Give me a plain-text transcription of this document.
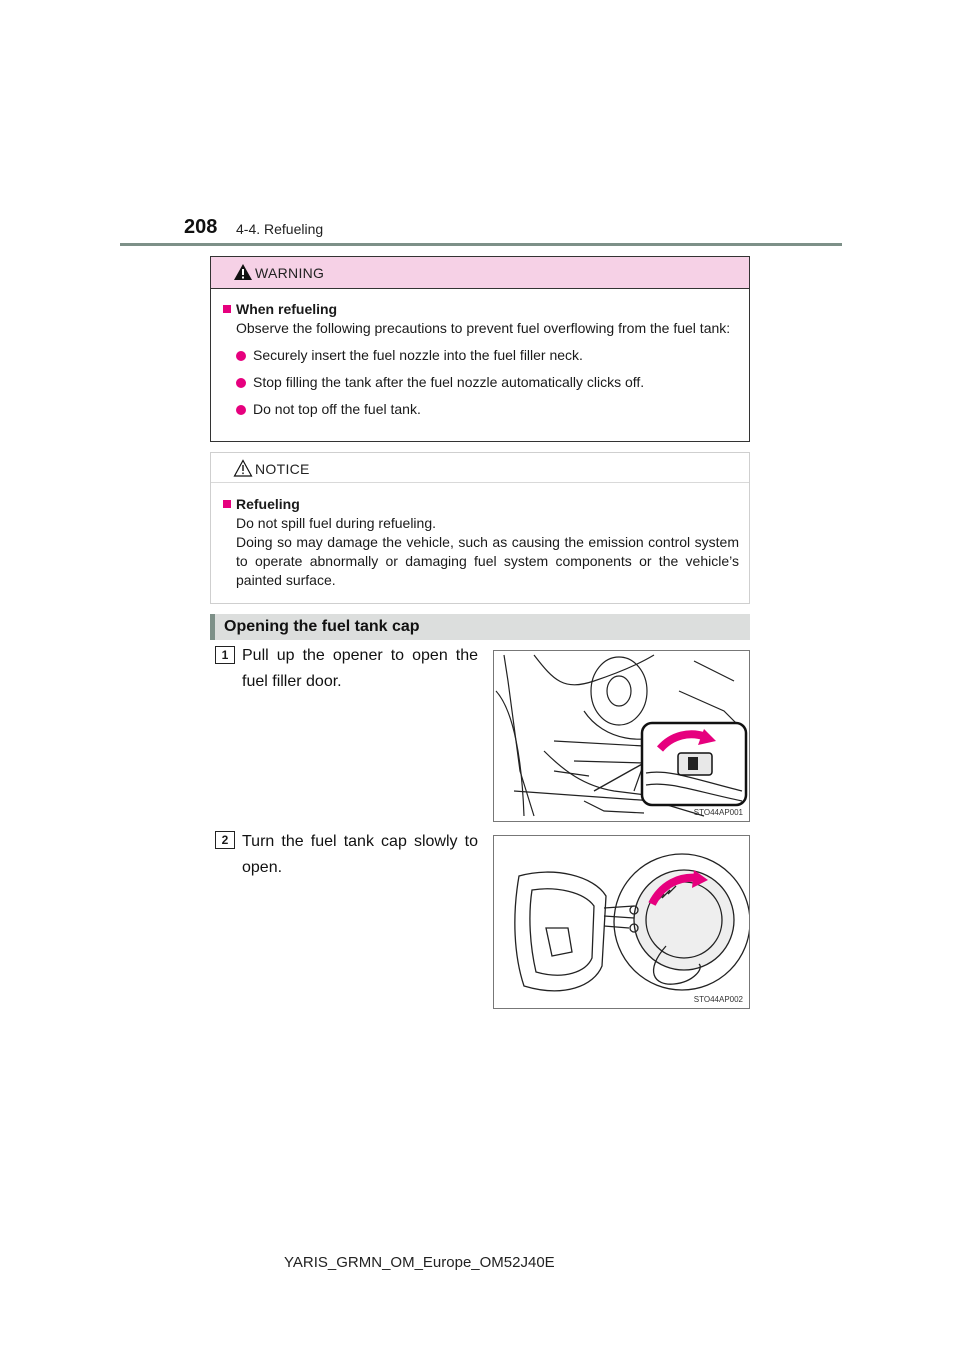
208 4-4. Refueling
WARNING
When refueling
Observe the following precautions to prevent fuel overflowing from the fuel tank:
Securely insert the fuel nozzle into the fuel filler neck.
Stop filling the tank after the fuel nozzle automatically clicks off.
Do not top off the fuel tank.
NOTICE
Refueling
Do not spill fuel during refueling.
Doing so may damage the vehicle, such as causing the emission control system to operate abnormally or damaging fuel system components or the vehicle’s painted surface.
Opening the fuel tank cap
1 Pull up the opener to open the fuel filler door.
STO44AP001
2 Turn the fuel tank cap slowly to open.
STO44AP002
YARIS_GRMN_OM_Europe_OM52J40E
